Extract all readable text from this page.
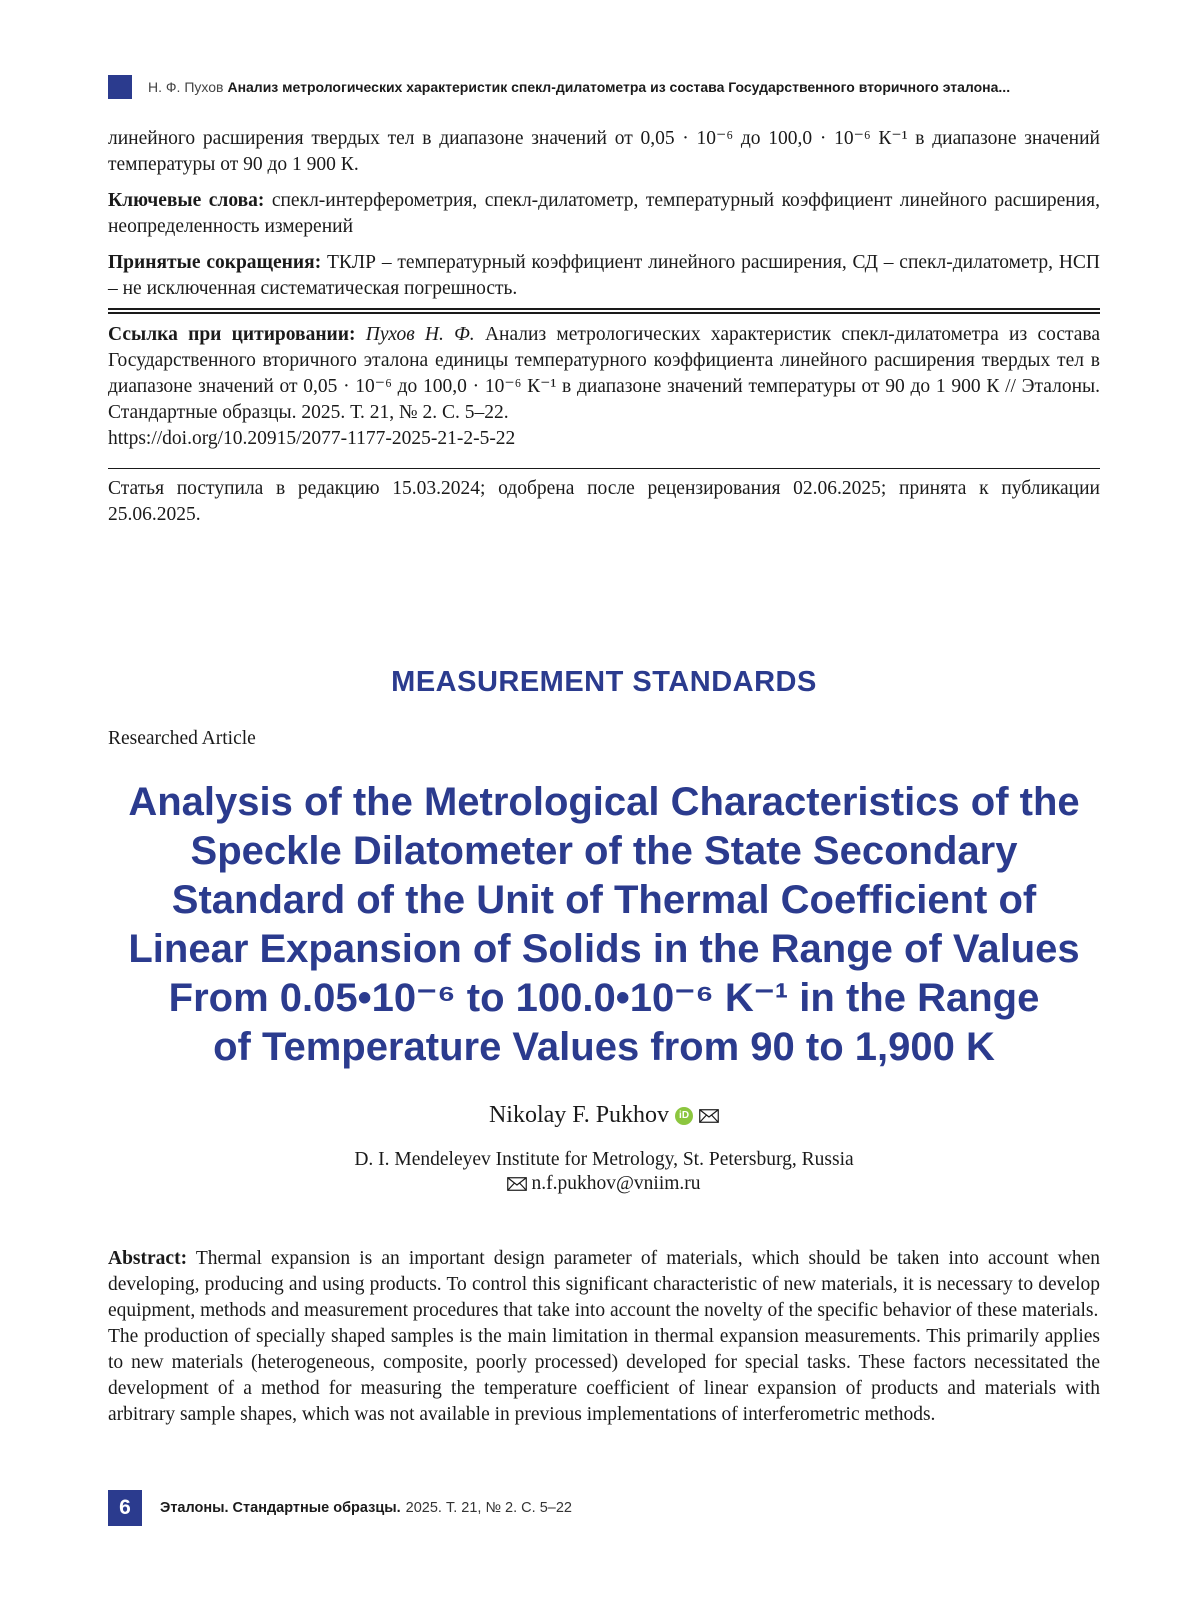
Н. Ф. Пухов Анализ метрологических характеристик спекл-дилатометра из состава Государственного вторичного эталона...

линейного расширения твердых тел в диапазоне значений от 0,05 · 10⁻⁶ до 100,0 · 10⁻⁶ К⁻¹ в диапазоне значений температуры от 90 до 1 900 К.

Ключевые слова: спекл-интерферометрия, спекл-дилатометр, температурный коэффициент линейного расширения, неопределенность измерений

Принятые сокращения: ТКЛР – температурный коэффициент линейного расширения, СД – спекл-дилатометр, НСП – не исключенная систематическая погрешность.

Ссылка при цитировании: Пухов Н. Ф. Анализ метрологических характеристик спекл-дилатометра из состава Государственного вторичного эталона единицы температурного коэффициента линейного расширения твердых тел в диапазоне значений от 0,05 · 10⁻⁶ до 100,0 · 10⁻⁶ К⁻¹ в диапазоне значений температуры от 90 до 1 900 К // Эталоны. Стандартные образцы. 2025. Т. 21, № 2. С. 5–22.

https://doi.org/10.20915/2077-1177-2025-21-2-5-22

Статья поступила в редакцию 15.03.2024; одобрена после рецензирования 02.06.2025; принята к публикации 25.06.2025.

MEASUREMENT STANDARDS
Researched Article
Analysis of the Metrological Characteristics of the
Speckle Dilatometer of the State Secondary
Standard of the Unit of Thermal Coefficient of
Linear Expansion of Solids in the Range of Values
From 0.05•10⁻⁶ to 100.0•10⁻⁶ K⁻¹ in the Range
of Temperature Values from 90 to 1,900 K
Nikolay F. Pukhov	iD
D. I. Mendeleyev Institute for Metrology, St. Petersburg, Russia
n.f.pukhov@vniim.ru

Abstract: Thermal expansion is an important design parameter of materials, which should be taken into account when developing, producing and using products. To control this significant characteristic of new materials, it is necessary to develop equipment, methods and measurement procedures that take into account the novelty of the specific behavior of these materials.

The production of specially shaped samples is the main limitation in thermal expansion measurements. This primarily applies to new materials (heterogeneous, composite, poorly processed) developed for special tasks. These factors necessitated the development of a method for measuring the temperature coefficient of linear expansion of products and materials with arbitrary sample shapes, which was not available in previous implementations of interferometric methods.

6	Эталоны. Стандартные образцы. 2025. Т. 21, № 2. С. 5–22
